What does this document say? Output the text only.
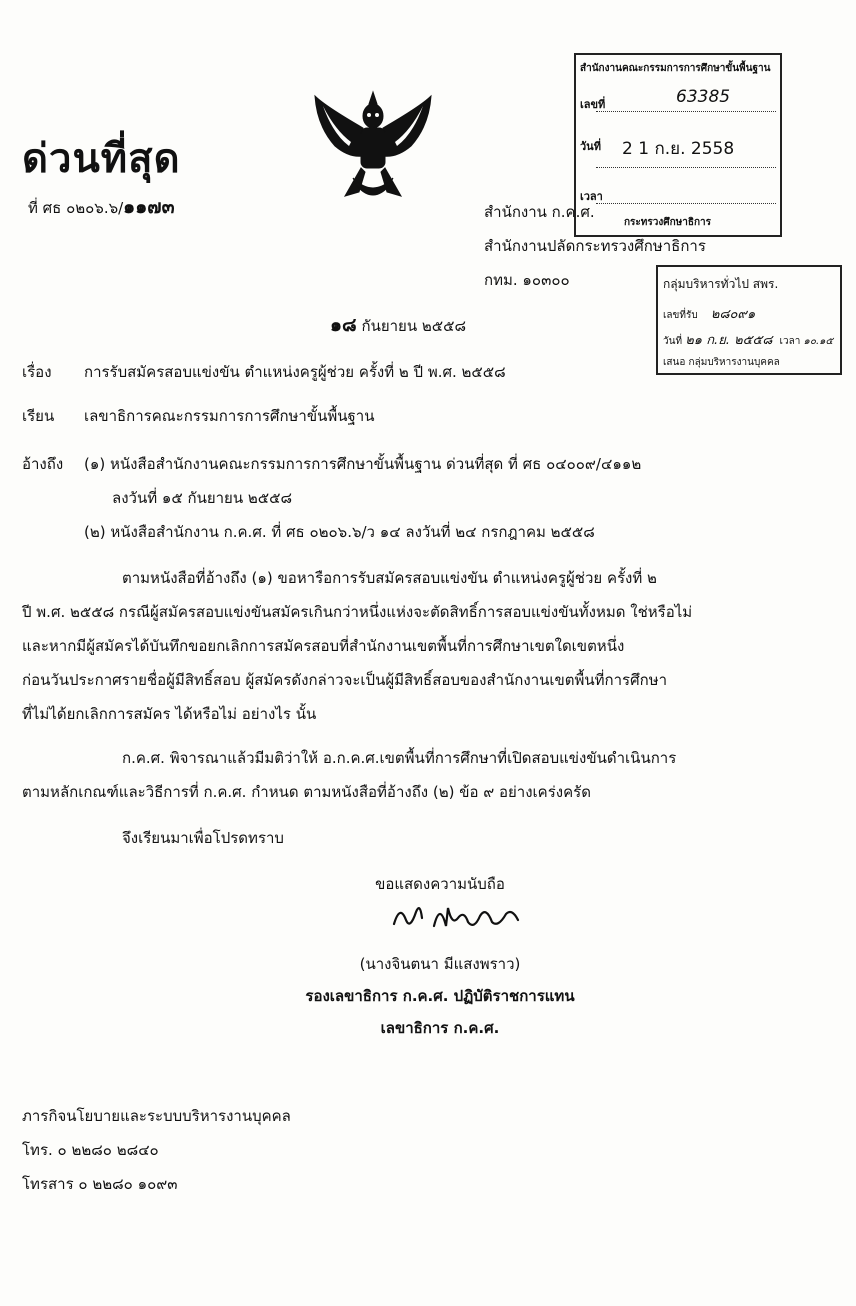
ด่วนที่สุด
ที่ ศธ ๐๒๐๖.๖/๑๑๗๓
สำนักงานคณะกรรมการการศึกษาขั้นพื้นฐาน
เลขที่	63385
วันที่ 2 1 ก.ย. 2558
เวลา
กระทรวงศึกษาธิการ
สำนักงาน ก.ค.ศ.
สำนักงานปลัดกระทรวงศึกษาธิการ
กทม. ๑๐๓๐๐	กลุ่มบริหารทั่วไป สพร.
เลขที่รับ ๒๘๐๙๑
วันที่ ๒๑ ก.ย. ๒๕๕๘ เวลา ๑๐.๑๕
เสนอ กลุ่มบริหารงานบุคคล
๑๘ กันยายน ๒๕๕๘
เรื่อง การรับสมัครสอบแข่งขัน ตำแหน่งครูผู้ช่วย ครั้งที่ ๒ ปี พ.ศ. ๒๕๕๘
เรียน เลขาธิการคณะกรรมการการศึกษาขั้นพื้นฐาน
อ้างถึง (๑) หนังสือสำนักงานคณะกรรมการการศึกษาขั้นพื้นฐาน ด่วนที่สุด ที่ ศธ ๐๔๐๐๙/๔๑๑๒
ลงวันที่ ๑๕ กันยายน ๒๕๕๘
(๒) หนังสือสำนักงาน ก.ค.ศ. ที่ ศธ ๐๒๐๖.๖/ว ๑๔ ลงวันที่ ๒๔ กรกฎาคม ๒๕๕๘
ตามหนังสือที่อ้างถึง (๑) ขอหารือการรับสมัครสอบแข่งขัน ตำแหน่งครูผู้ช่วย ครั้งที่ ๒
ปี พ.ศ. ๒๕๕๘ กรณีผู้สมัครสอบแข่งขันสมัครเกินกว่าหนึ่งแห่งจะตัดสิทธิ์การสอบแข่งขันทั้งหมด ใช่หรือไม่
และหากมีผู้สมัครได้บันทึกขอยกเลิกการสมัครสอบที่สำนักงานเขตพื้นที่การศึกษาเขตใดเขตหนึ่ง
ก่อนวันประกาศรายชื่อผู้มีสิทธิ์สอบ ผู้สมัครดังกล่าวจะเป็นผู้มีสิทธิ์สอบของสำนักงานเขตพื้นที่การศึกษา
ที่ไม่ได้ยกเลิกการสมัคร ได้หรือไม่ อย่างไร นั้น
ก.ค.ศ. พิจารณาแล้วมีมติว่าให้ อ.ก.ค.ศ.เขตพื้นที่การศึกษาที่เปิดสอบแข่งขันดำเนินการ
ตามหลักเกณฑ์และวิธีการที่ ก.ค.ศ. กำหนด ตามหนังสือที่อ้างถึง (๒) ข้อ ๙ อย่างเคร่งครัด
จึงเรียนมาเพื่อโปรดทราบ
ขอแสดงความนับถือ
(นางจินตนา มีแสงพราว)
รองเลขาธิการ ก.ค.ศ. ปฏิบัติราชการแทน
เลขาธิการ ก.ค.ศ.
ภารกิจนโยบายและระบบบริหารงานบุคคล
โทร. ๐ ๒๒๘๐ ๒๘๔๐
โทรสาร ๐ ๒๒๘๐ ๑๐๙๓
